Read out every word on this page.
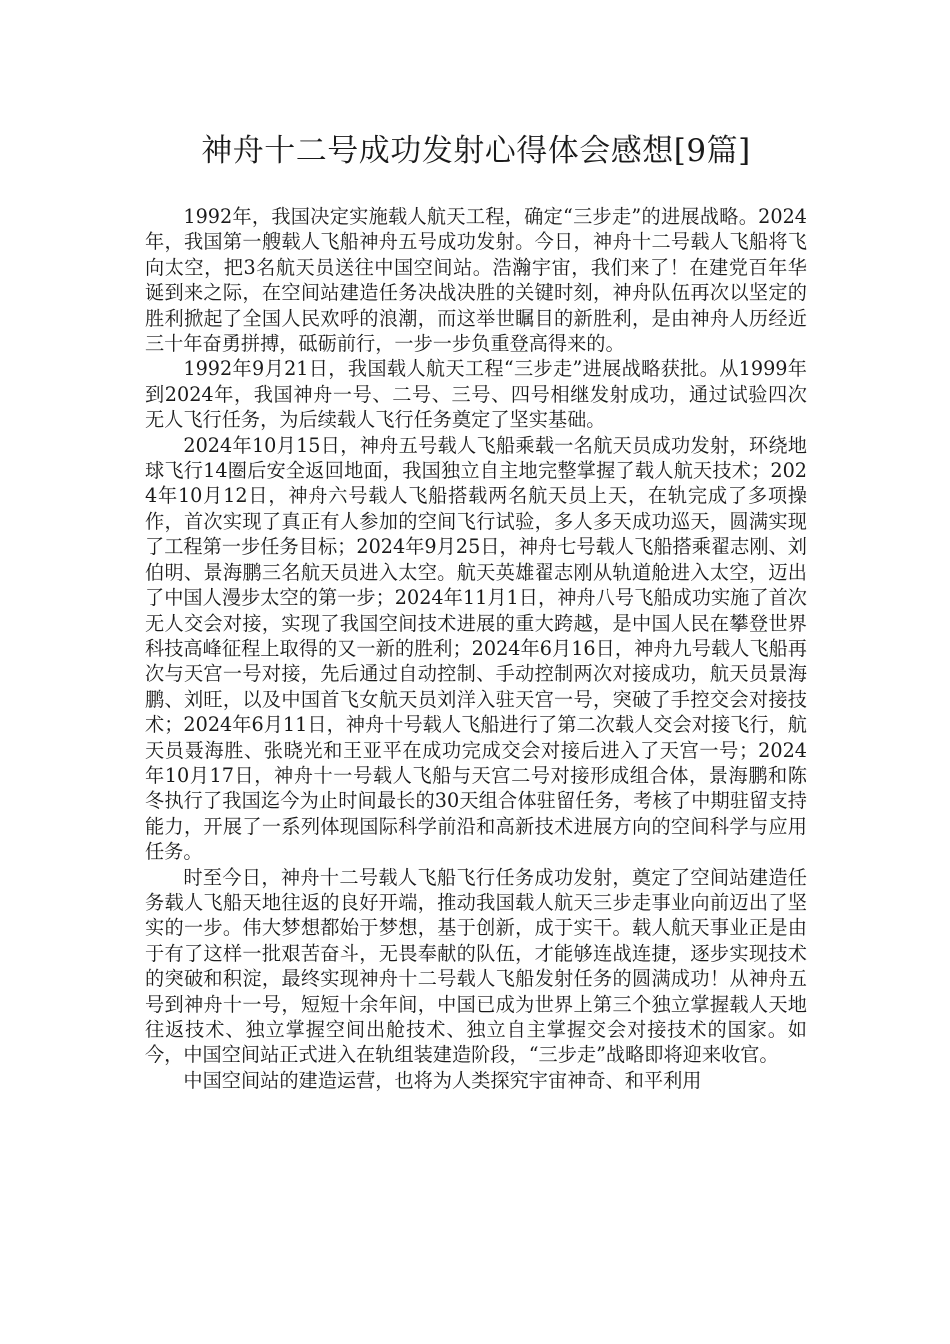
神舟十二号成功发射心得体会感想[9篇]

1992年，我国决定实施载人航天工程，确定“三步走”的进展战略。2024年，我国第一艘载人飞船神舟五号成功发射。今日，神舟十二号载人飞船将飞向太空，把3名航天员送往中国空间站。浩瀚宇宙，我们来了！在建党百年华诞到来之际，在空间站建造任务决战决胜的关键时刻，神舟队伍再次以坚定的胜利掀起了全国人民欢呼的浪潮，而这举世瞩目的新胜利，是由神舟人历经近三十年奋勇拼搏，砥砺前行，一步一步负重登高得来的。

1992年9月21日，我国载人航天工程“三步走”进展战略获批。从1999年到2024年，我国神舟一号、二号、三号、四号相继发射成功，通过试验四次无人飞行任务，为后续载人飞行任务奠定了坚实基础。

2024年10月15日，神舟五号载人飞船乘载一名航天员成功发射，环绕地球飞行14圈后安全返回地面，我国独立自主地完整掌握了载人航天技术；2024年10月12日，神舟六号载人飞船搭载两名航天员上天，在轨完成了多项操作，首次实现了真正有人参加的空间飞行试验，多人多天成功巡天，圆满实现了工程第一步任务目标；2024年9月25日，神舟七号载人飞船搭乘翟志刚、刘伯明、景海鹏三名航天员进入太空。航天英雄翟志刚从轨道舱进入太空，迈出了中国人漫步太空的第一步；2024年11月1日，神舟八号飞船成功实施了首次无人交会对接，实现了我国空间技术进展的重大跨越，是中国人民在攀登世界科技高峰征程上取得的又一新的胜利；2024年6月16日，神舟九号载人飞船再次与天宫一号对接，先后通过自动控制、手动控制两次对接成功，航天员景海鹏、刘旺，以及中国首飞女航天员刘洋入驻天宫一号，突破了手控交会对接技术；2024年6月11日，神舟十号载人飞船进行了第二次载人交会对接飞行，航天员聂海胜、张晓光和王亚平在成功完成交会对接后进入了天宫一号；2024年10月17日，神舟十一号载人飞船与天宫二号对接形成组合体，景海鹏和陈冬执行了我国迄今为止时间最长的30天组合体驻留任务，考核了中期驻留支持能力，开展了一系列体现国际科学前沿和高新技术进展方向的空间科学与应用任务。

时至今日，神舟十二号载人飞船飞行任务成功发射，奠定了空间站建造任务载人飞船天地往返的良好开端，推动我国载人航天三步走事业向前迈出了坚实的一步。伟大梦想都始于梦想，基于创新，成于实干。载人航天事业正是由于有了这样一批艰苦奋斗，无畏奉献的队伍，才能够连战连捷，逐步实现技术的突破和积淀，最终实现神舟十二号载人飞船发射任务的圆满成功！从神舟五号到神舟十一号，短短十余年间，中国已成为世界上第三个独立掌握载人天地往返技术、独立掌握空间出舱技术、独立自主掌握交会对接技术的国家。如今，中国空间站正式进入在轨组装建造阶段，“三步走”战略即将迎来收官。

中国空间站的建造运营，也将为人类探究宇宙神奇、和平利用
